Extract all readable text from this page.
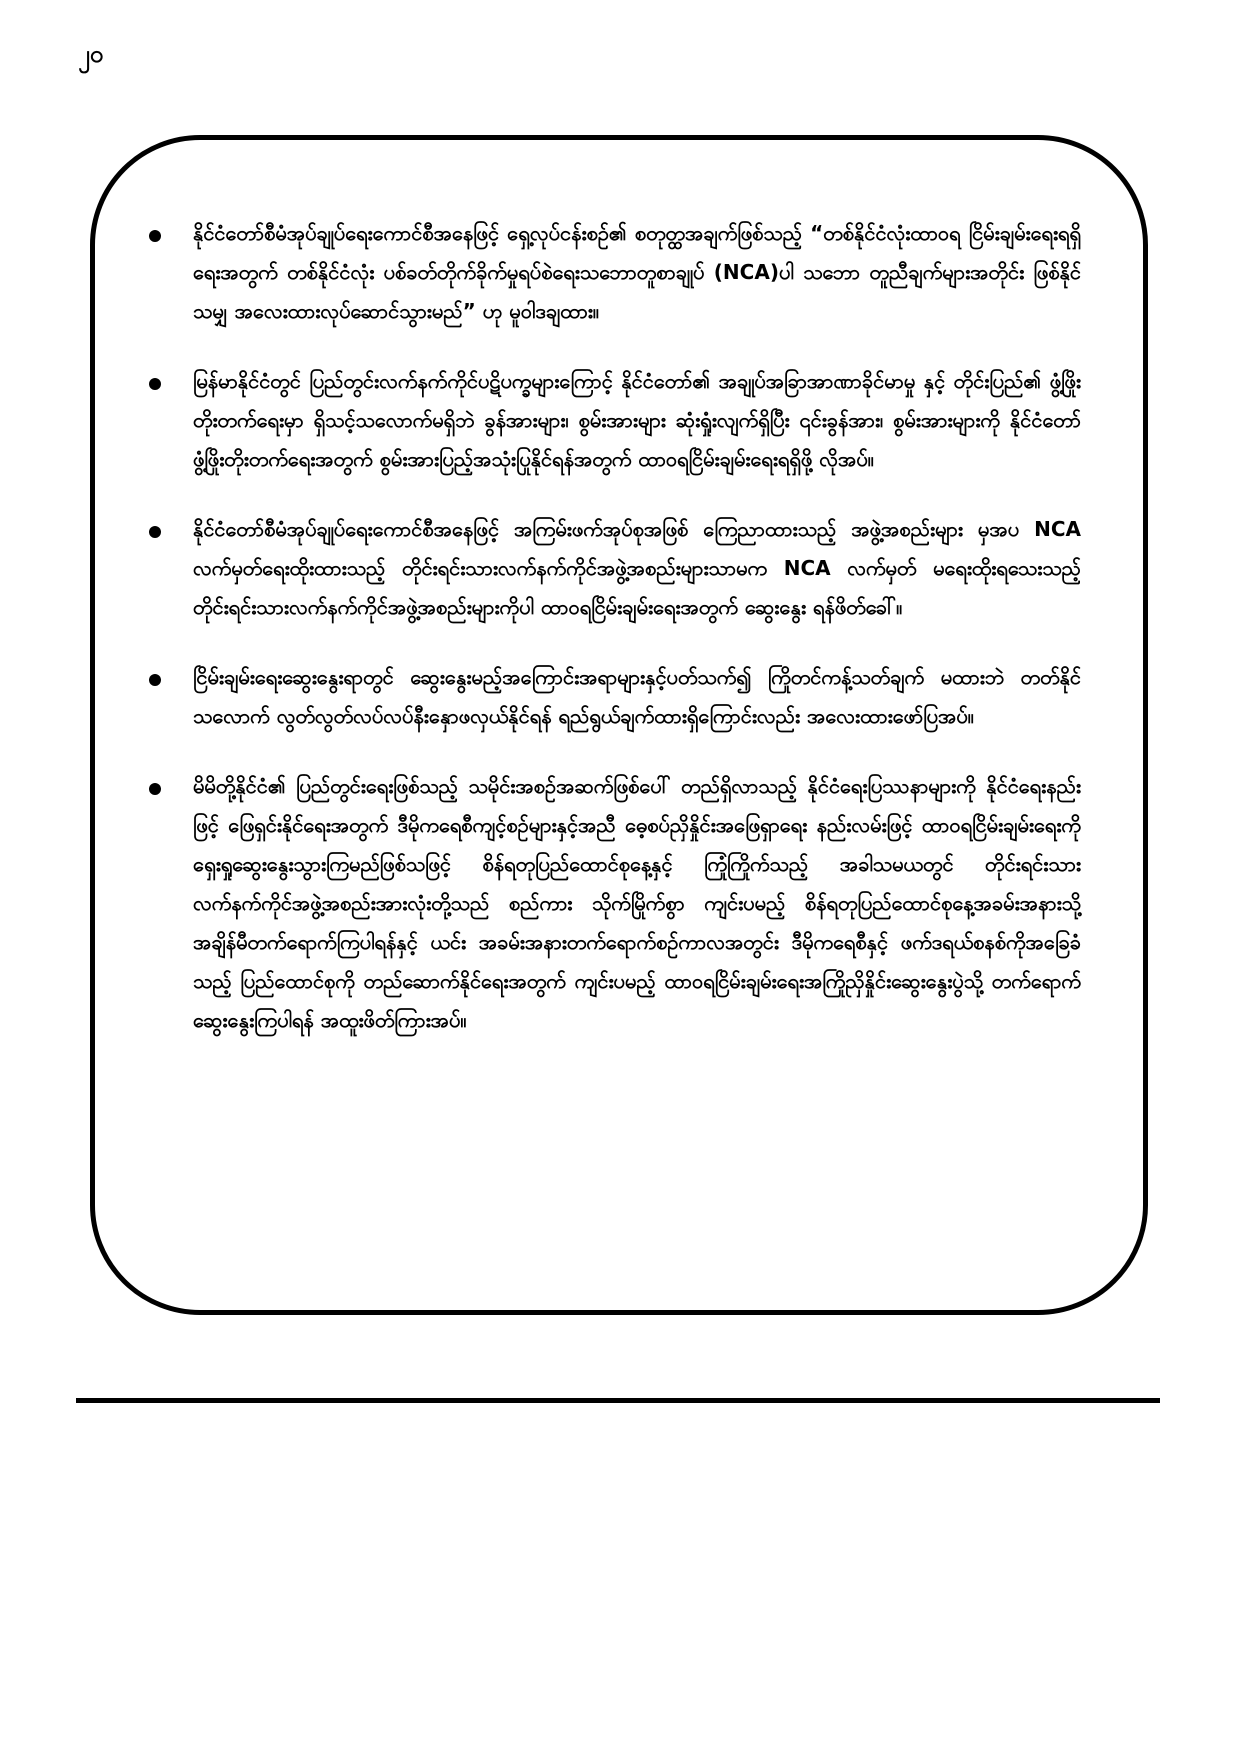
၂၀
နိုင်ငံတော်စီမံအုပ်ချုပ်ရေးကောင်စီအနေဖြင့် ရှေ့လုပ်ငန်းစဉ်၏ စတုတ္ထအချက်ဖြစ်သည့် “တစ်နိုင်ငံလုံးထာဝရ ငြိမ်းချမ်းရေးရရှိရေးအတွက် တစ်နိုင်ငံလုံး ပစ်ခတ်တိုက်ခိုက်မှုရပ်စဲရေးသဘောတူစာချုပ် (NCA)ပါ သဘော တူညီချက်များအတိုင်း ဖြစ်နိုင်သမျှ အလေးထားလုပ်ဆောင်သွားမည်” ဟု မူဝါဒချထား။
မြန်မာနိုင်ငံတွင် ပြည်တွင်းလက်နက်ကိုင်ပဋိပက္ခများကြောင့် နိုင်ငံတော်၏ အချုပ်အခြာအာဏာခိုင်မာမှု နှင့် တိုင်းပြည်၏ ဖွံ့ဖြိုးတိုးတက်ရေးမှာ ရှိသင့်သလောက်မရှိဘဲ ခွန်အားများ၊ စွမ်းအားများ ဆုံးရှုံးလျက်ရှိပြီး ၎င်းခွန်အား၊ စွမ်းအားများကို နိုင်ငံတော်ဖွံ့ဖြိုးတိုးတက်ရေးအတွက် စွမ်းအားပြည့်အသုံးပြုနိုင်ရန်အတွက် ထာဝရငြိမ်းချမ်းရေးရရှိဖို့ လိုအပ်။
နိုင်ငံတော်စီမံအုပ်ချုပ်ရေးကောင်စီအနေဖြင့် အကြမ်းဖက်အုပ်စုအဖြစ် ကြေညာထားသည့် အဖွဲ့အစည်းများ မှအပ NCA လက်မှတ်ရေးထိုးထားသည့် တိုင်းရင်းသားလက်နက်ကိုင်အဖွဲ့အစည်းများသာမက NCA လက်မှတ် မရေးထိုးရသေးသည့်တိုင်းရင်းသားလက်နက်ကိုင်အဖွဲ့အစည်းများကိုပါ ထာဝရငြိမ်းချမ်းရေးအတွက် ဆွေးနွေး ရန်ဖိတ်ခေါ်။
ငြိမ်းချမ်းရေးဆွေးနွေးရာတွင် ဆွေးနွေးမည့်အကြောင်းအရာများနှင့်ပတ်သက်၍ ကြိုတင်ကန့်သတ်ချက် မထားဘဲ တတ်နိုင်သလောက် လွတ်လွတ်လပ်လပ်နီးနှောဖလှယ်နိုင်ရန် ရည်ရွယ်ချက်ထားရှိကြောင်းလည်း အလေးထားဖော်ပြအပ်။
မိမိတို့နိုင်ငံ၏ ပြည်တွင်းရေးဖြစ်သည့် သမိုင်းအစဉ်အဆက်ဖြစ်ပေါ် တည်ရှိလာသည့် နိုင်ငံရေးပြဿနာများကို နိုင်ငံရေးနည်းဖြင့် ဖြေရှင်းနိုင်ရေးအတွက် ဒီမိုကရေစီကျင့်စဉ်များနှင့်အညီ ဓေ့စပ်ညှိနှိုင်းအဖြေရှာရေး နည်းလမ်းဖြင့် ထာဝရငြိမ်းချမ်းရေးကို ရှေးရှုဆွေးနွေးသွားကြမည်ဖြစ်သဖြင့် စိန်ရတုပြည်ထောင်စုနေ့နှင့် ကြုံကြိုက်သည့် အခါသမယတွင် တိုင်းရင်းသားလက်နက်ကိုင်အဖွဲ့အစည်းအားလုံးတို့သည် စည်ကား သိုက်မြိုက်စွာ ကျင်းပမည့် စိန်ရတုပြည်ထောင်စုနေ့အခမ်းအနားသို့ အချိန်မီတက်ရောက်ကြပါရန်နှင့် ယင်း အခမ်းအနားတက်ရောက်စဉ်ကာလအတွင်း ဒီမိုကရေစီနှင့် ဖက်ဒရယ်စနစ်ကိုအခြေခံသည့် ပြည်ထောင်စုကို တည်ဆောက်နိုင်ရေးအတွက် ကျင်းပမည့် ထာဝရငြိမ်းချမ်းရေးအကြိုညှိနှိုင်းဆွေးနွေးပွဲသို့ တက်ရောက် ဆွေးနွေးကြပါရန် အထူးဖိတ်ကြားအပ်။
